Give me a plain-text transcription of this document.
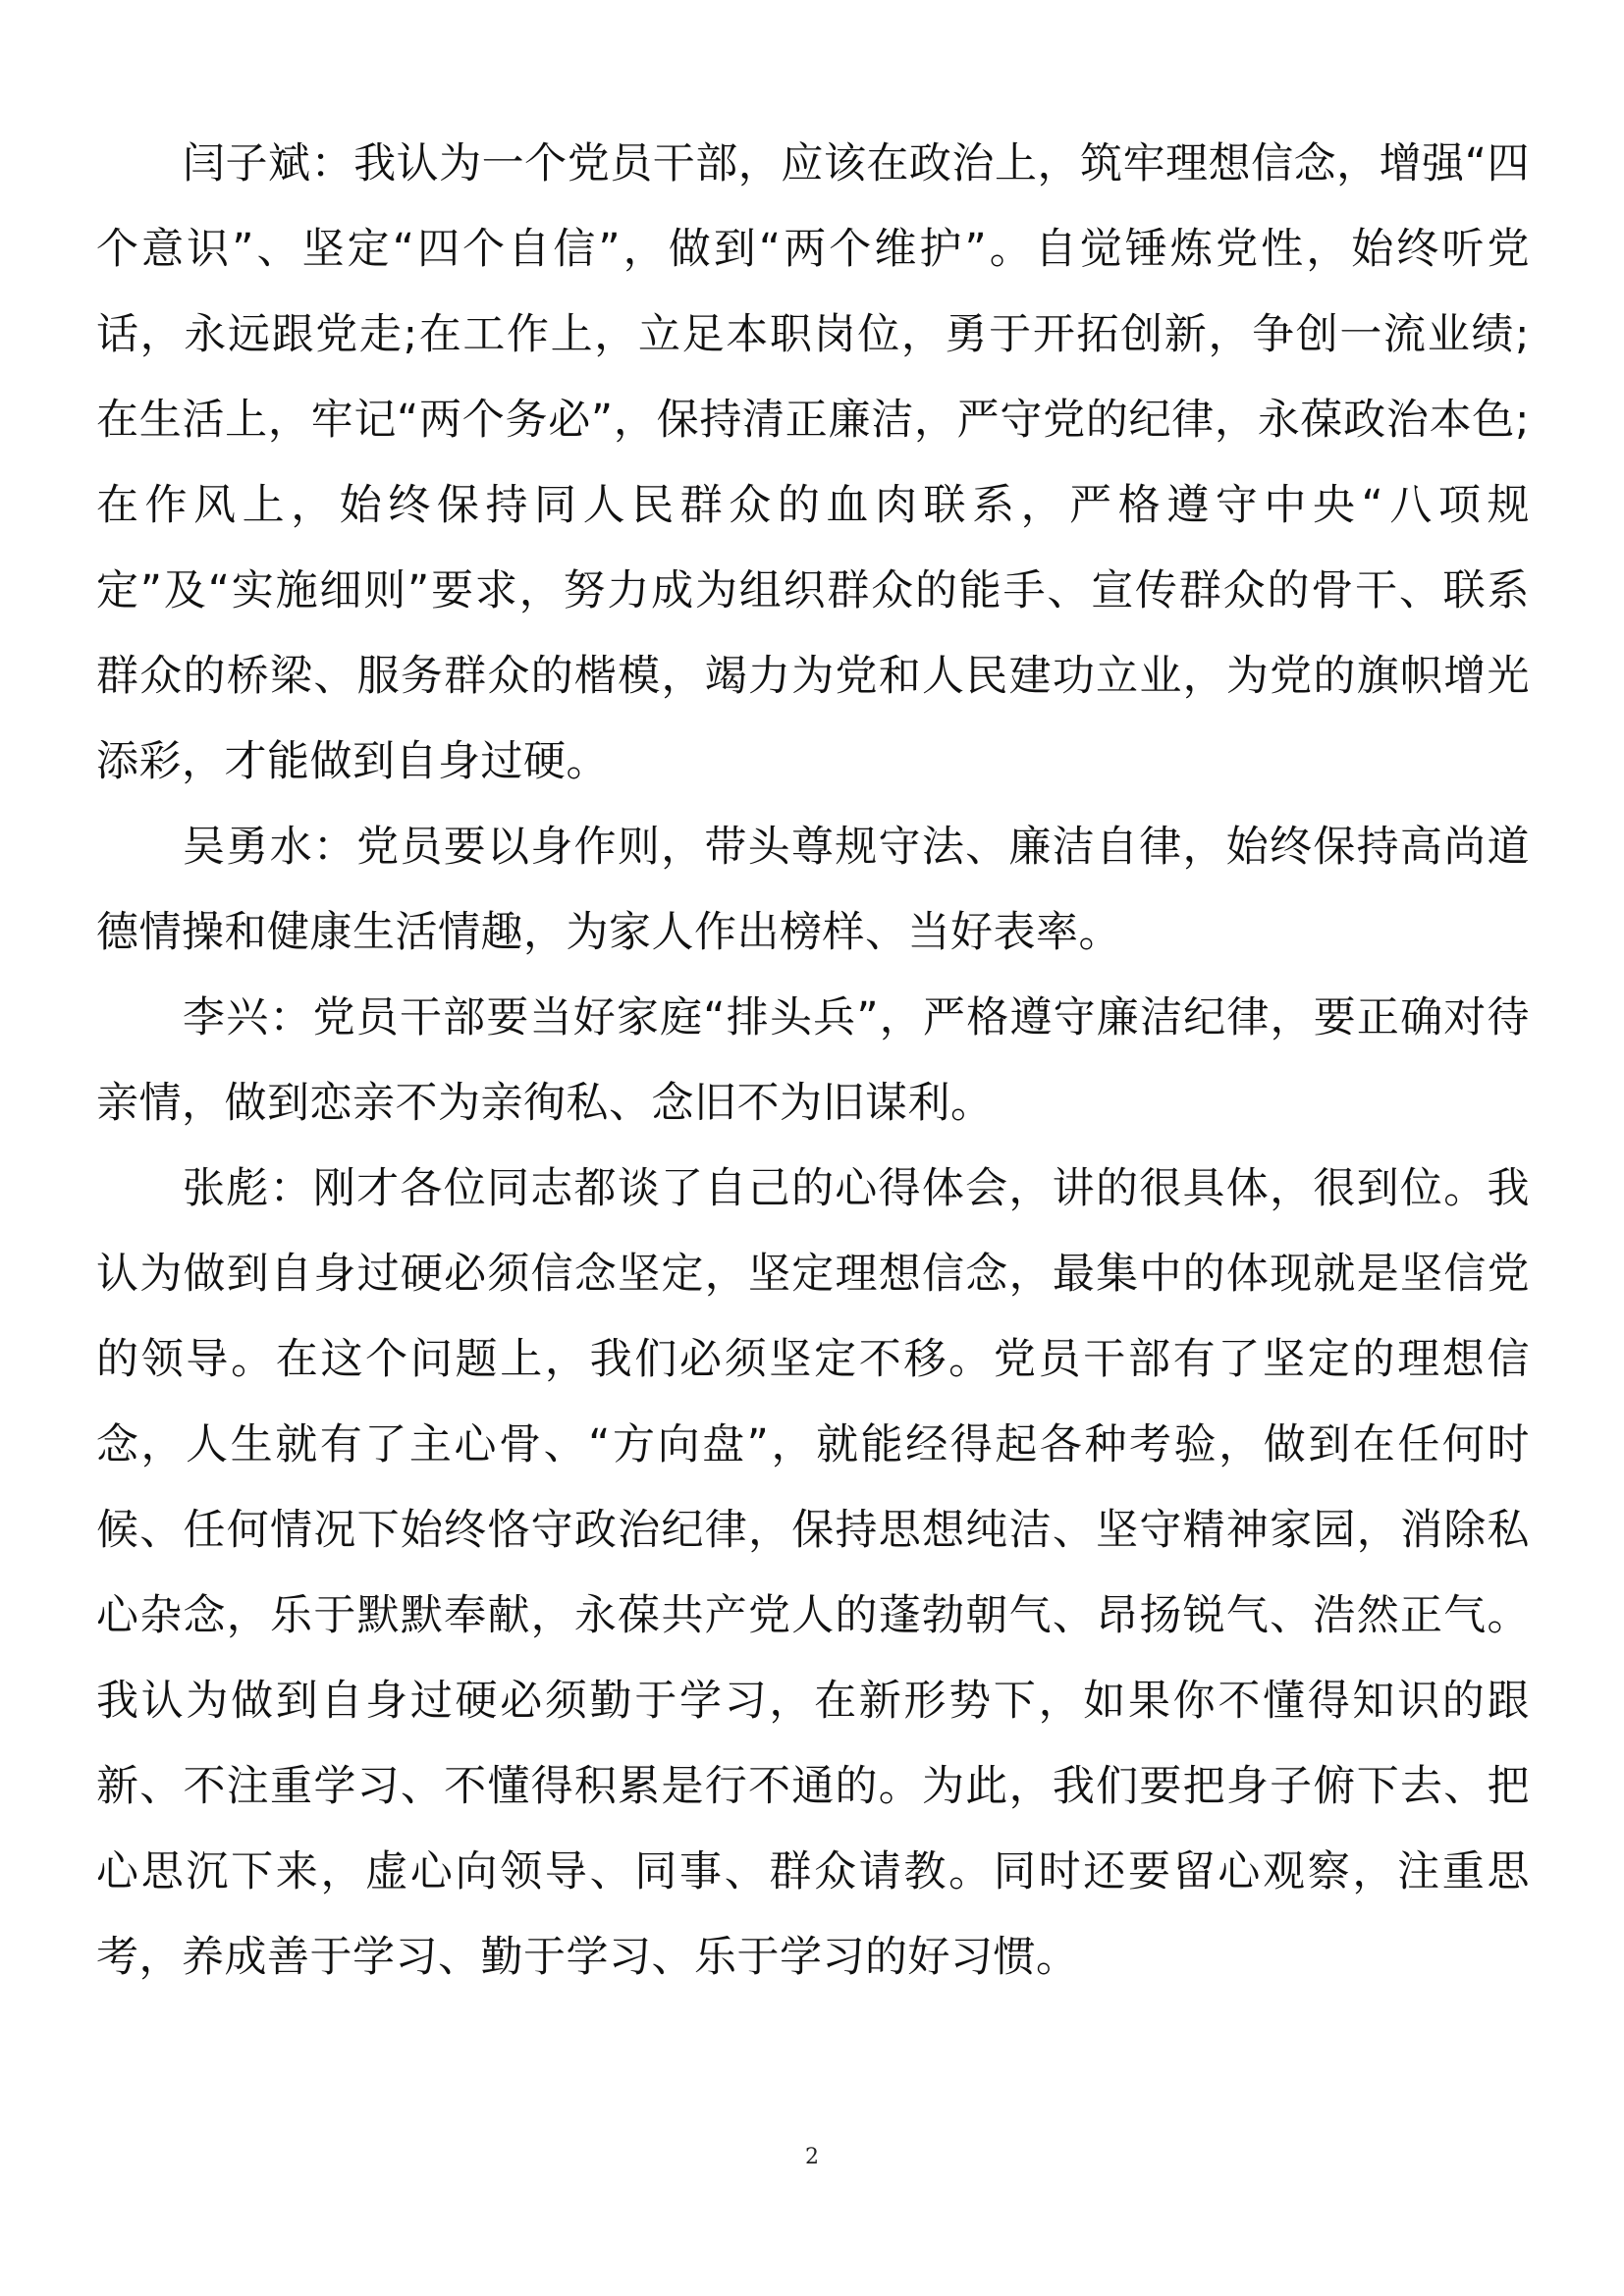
闫子斌：我认为一个党员干部，应该在政治上，筑牢理想信念，增强“四个意识”、坚定“四个自信”，做到“两个维护”。自觉锤炼党性，始终听党话，永远跟党走;在工作上，立足本职岗位，勇于开拓创新，争创一流业绩;在生活上，牢记“两个务必”，保持清正廉洁，严守党的纪律，永葆政治本色;在作风上，始终保持同人民群众的血肉联系，严格遵守中央“八项规定”及“实施细则”要求，努力成为组织群众的能手、宣传群众的骨干、联系群众的桥梁、服务群众的楷模，竭力为党和人民建功立业，为党的旗帜增光添彩，才能做到自身过硬。

吴勇水：党员要以身作则，带头尊规守法、廉洁自律，始终保持高尚道德情操和健康生活情趣，为家人作出榜样、当好表率。

李兴：党员干部要当好家庭“排头兵”，严格遵守廉洁纪律，要正确对待亲情，做到恋亲不为亲徇私、念旧不为旧谋利。

张彪：刚才各位同志都谈了自己的心得体会，讲的很具体，很到位。我认为做到自身过硬必须信念坚定，坚定理想信念，最集中的体现就是坚信党的领导。在这个问题上，我们必须坚定不移。党员干部有了坚定的理想信念，人生就有了主心骨、“方向盘”，就能经得起各种考验，做到在任何时候、任何情况下始终恪守政治纪律，保持思想纯洁、坚守精神家园，消除私心杂念，乐于默默奉献，永葆共产党人的蓬勃朝气、昂扬锐气、浩然正气。我认为做到自身过硬必须勤于学习，在新形势下，如果你不懂得知识的跟新、不注重学习、不懂得积累是行不通的。为此，我们要把身子俯下去、把心思沉下来，虚心向领导、同事、群众请教。同时还要留心观察，注重思考，养成善于学习、勤于学习、乐于学习的好习惯。

2
